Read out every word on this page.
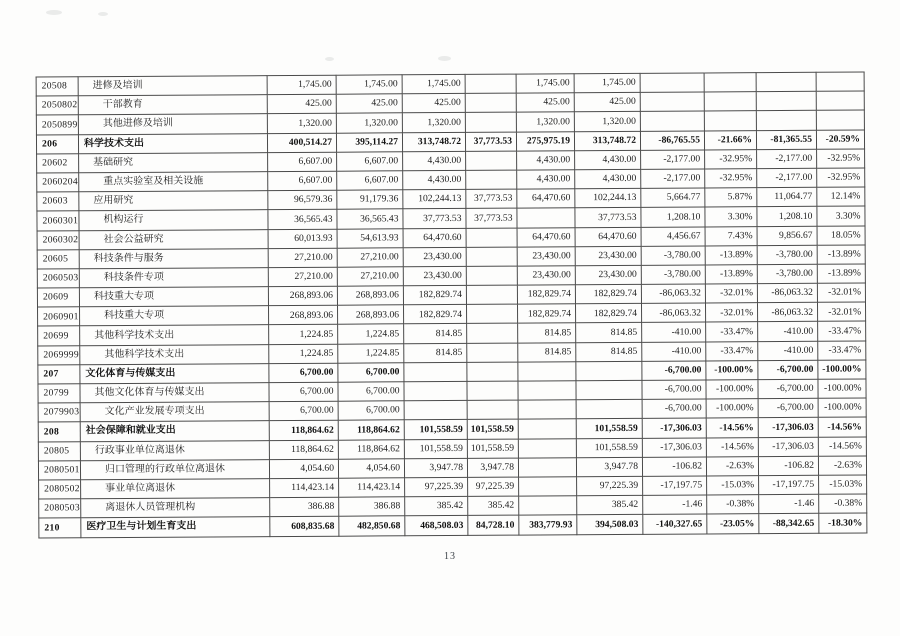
20508	进修及培训	1,745.00	1,745.00	1,745.00		1,745.00	1,745.00				
2050802	干部教育	425.00	425.00	425.00		425.00	425.00				
2050899	其他进修及培训	1,320.00	1,320.00	1,320.00		1,320.00	1,320.00				
206	科学技术支出	400,514.27	395,114.27	313,748.72	37,773.53	275,975.19	313,748.72	-86,765.55	-21.66%	-81,365.55	-20.59%
20602	基础研究	6,607.00	6,607.00	4,430.00		4,430.00	4,430.00	-2,177.00	-32.95%	-2,177.00	-32.95%
2060204	重点实验室及相关设施	6,607.00	6,607.00	4,430.00		4,430.00	4,430.00	-2,177.00	-32.95%	-2,177.00	-32.95%
20603	应用研究	96,579.36	91,179.36	102,244.13	37,773.53	64,470.60	102,244.13	5,664.77	5.87%	11,064.77	12.14%
2060301	机构运行	36,565.43	36,565.43	37,773.53	37,773.53		37,773.53	1,208.10	3.30%	1,208.10	3.30%
2060302	社会公益研究	60,013.93	54,613.93	64,470.60		64,470.60	64,470.60	4,456.67	7.43%	9,856.67	18.05%
20605	科技条件与服务	27,210.00	27,210.00	23,430.00		23,430.00	23,430.00	-3,780.00	-13.89%	-3,780.00	-13.89%
2060503	科技条件专项	27,210.00	27,210.00	23,430.00		23,430.00	23,430.00	-3,780.00	-13.89%	-3,780.00	-13.89%
20609	科技重大专项	268,893.06	268,893.06	182,829.74		182,829.74	182,829.74	-86,063.32	-32.01%	-86,063.32	-32.01%
2060901	科技重大专项	268,893.06	268,893.06	182,829.74		182,829.74	182,829.74	-86,063.32	-32.01%	-86,063.32	-32.01%
20699	其他科学技术支出	1,224.85	1,224.85	814.85		814.85	814.85	-410.00	-33.47%	-410.00	-33.47%
2069999	其他科学技术支出	1,224.85	1,224.85	814.85		814.85	814.85	-410.00	-33.47%	-410.00	-33.47%
207	文化体育与传媒支出	6,700.00	6,700.00					-6,700.00	-100.00%	-6,700.00	-100.00%
20799	其他文化体育与传媒支出	6,700.00	6,700.00					-6,700.00	-100.00%	-6,700.00	-100.00%
2079903	文化产业发展专项支出	6,700.00	6,700.00					-6,700.00	-100.00%	-6,700.00	-100.00%
208	社会保障和就业支出	118,864.62	118,864.62	101,558.59	101,558.59		101,558.59	-17,306.03	-14.56%	-17,306.03	-14.56%
20805	行政事业单位离退休	118,864.62	118,864.62	101,558.59	101,558.59		101,558.59	-17,306.03	-14.56%	-17,306.03	-14.56%
2080501	归口管理的行政单位离退休	4,054.60	4,054.60	3,947.78	3,947.78		3,947.78	-106.82	-2.63%	-106.82	-2.63%
2080502	事业单位离退休	114,423.14	114,423.14	97,225.39	97,225.39		97,225.39	-17,197.75	-15.03%	-17,197.75	-15.03%
2080503	离退休人员管理机构	386.88	386.88	385.42	385.42		385.42	-1.46	-0.38%	-1.46	-0.38%
210	医疗卫生与计划生育支出	608,835.68	482,850.68	468,508.03	84,728.10	383,779.93	394,508.03	-140,327.65	-23.05%	-88,342.65	-18.30%
13
